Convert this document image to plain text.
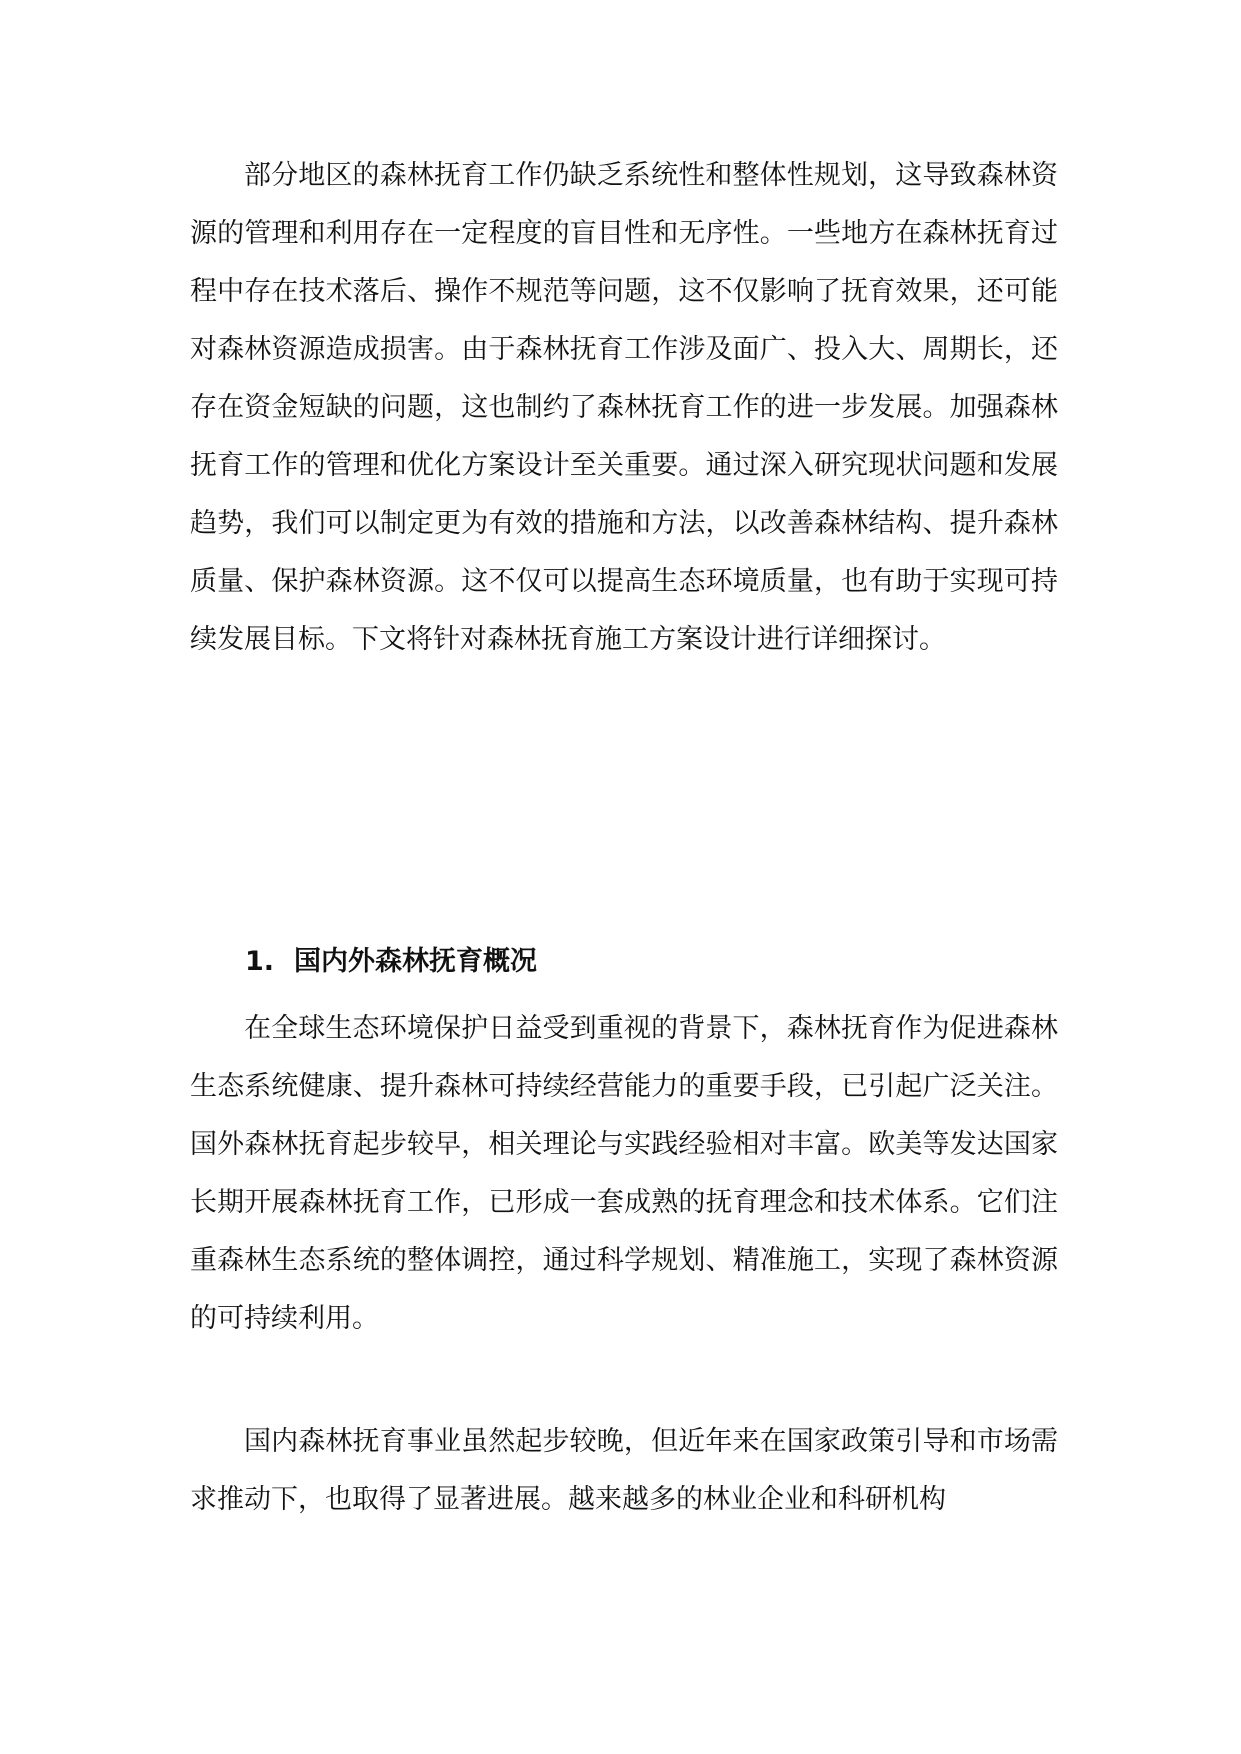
部分地区的森林抚育工作仍缺乏系统性和整体性规划，这导致森林资源的管理和利用存在一定程度的盲目性和无序性。一些地方在森林抚育过程中存在技术落后、操作不规范等问题，这不仅影响了抚育效果，还可能对森林资源造成损害。由于森林抚育工作涉及面广、投入大、周期长，还存在资金短缺的问题，这也制约了森林抚育工作的进一步发展。加强森林抚育工作的管理和优化方案设计至关重要。通过深入研究现状问题和发展趋势，我们可以制定更为有效的措施和方法，以改善森林结构、提升森林质量、保护森林资源。这不仅可以提高生态环境质量，也有助于实现可持续发展目标。下文将针对森林抚育施工方案设计进行详细探讨。

1. 国内外森林抚育概况

在全球生态环境保护日益受到重视的背景下，森林抚育作为促进森林生态系统健康、提升森林可持续经营能力的重要手段，已引起广泛关注。国外森林抚育起步较早，相关理论与实践经验相对丰富。欧美等发达国家长期开展森林抚育工作，已形成一套成熟的抚育理念和技术体系。它们注重森林生态系统的整体调控，通过科学规划、精准施工，实现了森林资源的可持续利用。

国内森林抚育事业虽然起步较晚，但近年来在国家政策引导和市场需求推动下，也取得了显著进展。越来越多的林业企业和科研机构
